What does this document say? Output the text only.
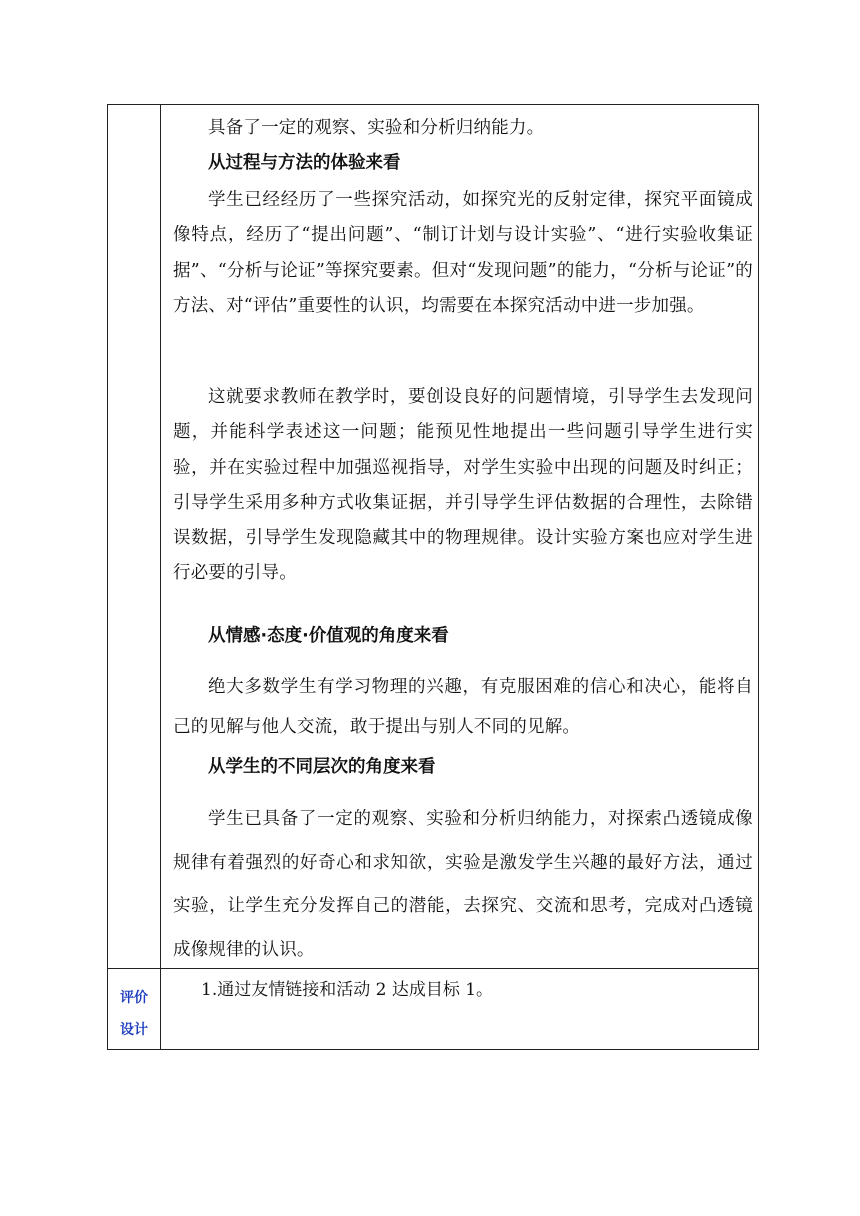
具备了一定的观察、实验和分析归纳能力。

从过程与方法的体验来看

学生已经经历了一些探究活动，如探究光的反射定律，探究平面镜成像特点，经历了“提出问题”、“制订计划与设计实验”、“进行实验收集证据”、“分析与论证”等探究要素。但对“发现问题”的能力，“分析与论证”的方法、对“评估”重要性的认识，均需要在本探究活动中进一步加强。

这就要求教师在教学时，要创设良好的问题情境，引导学生去发现问题，并能科学表述这一问题；能预见性地提出一些问题引导学生进行实验，并在实验过程中加强巡视指导，对学生实验中出现的问题及时纠正；引导学生采用多种方式收集证据，并引导学生评估数据的合理性，去除错误数据，引导学生发现隐藏其中的物理规律。设计实验方案也应对学生进行必要的引导。

从情感·态度·价值观的角度来看

绝大多数学生有学习物理的兴趣，有克服困难的信心和决心，能将自己的见解与他人交流，敢于提出与别人不同的见解。

从学生的不同层次的角度来看

学生已具备了一定的观察、实验和分析归纳能力，对探索凸透镜成像规律有着强烈的好奇心和求知欲，实验是激发学生兴趣的最好方法，通过实验，让学生充分发挥自己的潜能，去探究、交流和思考，完成对凸透镜成像规律的认识。

评价
设计
1.通过友情链接和活动 2 达成目标 1。
